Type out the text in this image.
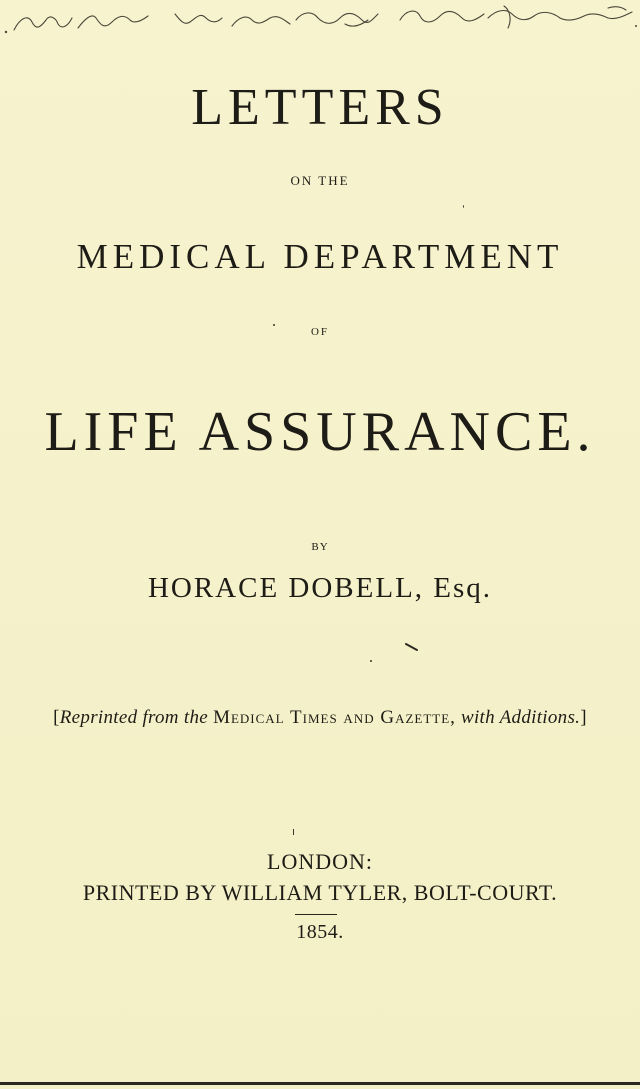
LETTERS
ON THE
MEDICAL DEPARTMENT
OF
LIFE ASSURANCE.
BY
HORACE DOBELL, Esq.
[Reprinted from the Medical Times and Gazette, with Additions.]
LONDON:
PRINTED BY WILLIAM TYLER, BOLT-COURT.
1854.
